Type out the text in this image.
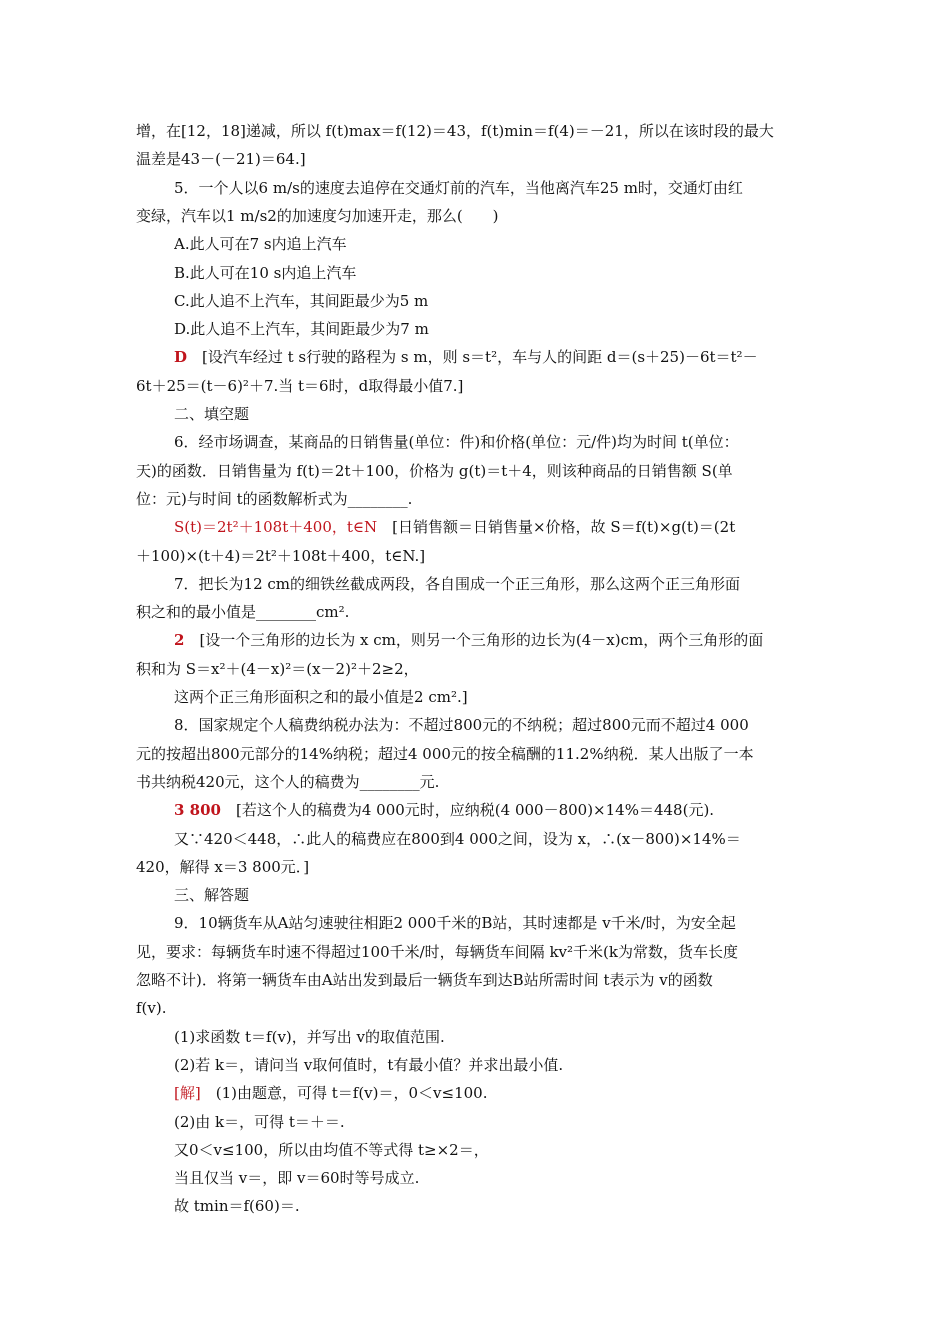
增，在[12，18]递减，所以 f(t)max＝f(12)＝43，f(t)min＝f(4)＝－21，所以在该时段的最大
温差是43－(－21)＝64.]
5．一个人以6 m/s的速度去追停在交通灯前的汽车，当他离汽车25 m时，交通灯由红
变绿，汽车以1 m/s2的加速度匀加速开走，那么(　　)
A.此人可在7 s内追上汽车
B.此人可在10 s内追上汽车
C.此人追不上汽车，其间距最少为5 m
D.此人追不上汽车，其间距最少为7 m
D　[设汽车经过 t s行驶的路程为 s m，则 s＝t²，车与人的间距 d＝(s＋25)－6t＝t²－
6t＋25＝(t－6)²＋7.当 t＝6时，d取得最小值7.]
二、填空题
6．经市场调查，某商品的日销售量(单位：件)和价格(单位：元/件)均为时间 t(单位：
天)的函数．日销售量为 f(t)＝2t＋100，价格为 g(t)＝t＋4，则该种商品的日销售额 S(单
位：元)与时间 t的函数解析式为________.
S(t)＝2t²＋108t＋400，t∈N　[日销售额＝日销售量×价格，故 S＝f(t)×g(t)＝(2t
＋100)×(t＋4)＝2t²＋108t＋400，t∈N.]
7．把长为12 cm的细铁丝截成两段，各自围成一个正三角形，那么这两个正三角形面
积之和的最小值是________cm².
2　[设一个三角形的边长为 x cm，则另一个三角形的边长为(4－x)cm，两个三角形的面
积和为 S＝x²＋(4－x)²＝(x－2)²＋2≥2，
这两个正三角形面积之和的最小值是2 cm².]
8．国家规定个人稿费纳税办法为：不超过800元的不纳税；超过800元而不超过4 000
元的按超出800元部分的14%纳税；超过4 000元的按全稿酬的11.2%纳税．某人出版了一本
书共纳税420元，这个人的稿费为________元.
3 800　[若这个人的稿费为4 000元时，应纳税(4 000－800)×14%＝448(元).
又∵420＜448，∴此人的稿费应在800到4 000之间，设为 x，∴(x－800)×14%＝
420，解得 x＝3 800元．]
三、解答题
9．10辆货车从A站匀速驶往相距2 000千米的B站，其时速都是 v千米/时，为安全起
见，要求：每辆货车时速不得超过100千米/时，每辆货车间隔 kv²千米(k为常数，货车长度
忽略不计)．将第一辆货车由A站出发到最后一辆货车到达B站所需时间 t表示为 v的函数
f(v).
(1)求函数 t＝f(v)，并写出 v的取值范围.
(2)若 k＝，请问当 v取何值时，t有最小值？并求出最小值.
[解]　(1)由题意，可得 t＝f(v)＝，0＜v≤100.
(2)由 k＝，可得 t＝＋＝.
又0＜v≤100，所以由均值不等式得 t≥×2＝，
当且仅当 v＝，即 v＝60时等号成立.
故 tmin＝f(60)＝.
